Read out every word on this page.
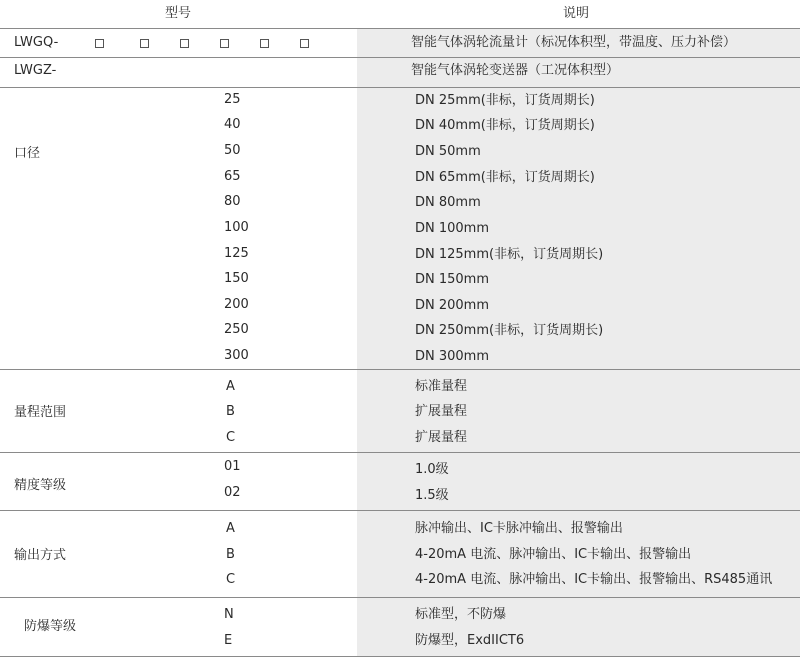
型号	说明
LWGQ-	智能气体涡轮流量计（标况体积型，带温度、压力补偿）
LWGZ-	智能气体涡轮变送器（工况体积型）
口径
25	DN 25mm(非标，订货周期长)
40	DN 40mm(非标，订货周期长)
50	DN 50mm
65	DN 65mm(非标，订货周期长)
80	DN 80mm
100	DN 100mm
125	DN 125mm(非标，订货周期长)
150	DN 150mm
200	DN 200mm
250	DN 250mm(非标，订货周期长)
300	DN 300mm
量程范围
A	标准量程
B	扩展量程
C	扩展量程
精度等级
01	1.0级
02	1.5级
输出方式
A	脉冲输出、IC卡脉冲输出、报警输出
B	4-20mA 电流、脉冲输出、IC卡输出、报警输出
C	4-20mA 电流、脉冲输出、IC卡输出、报警输出、RS485通讯
防爆等级
N	标准型，不防爆
E	防爆型，ExdIICT6
